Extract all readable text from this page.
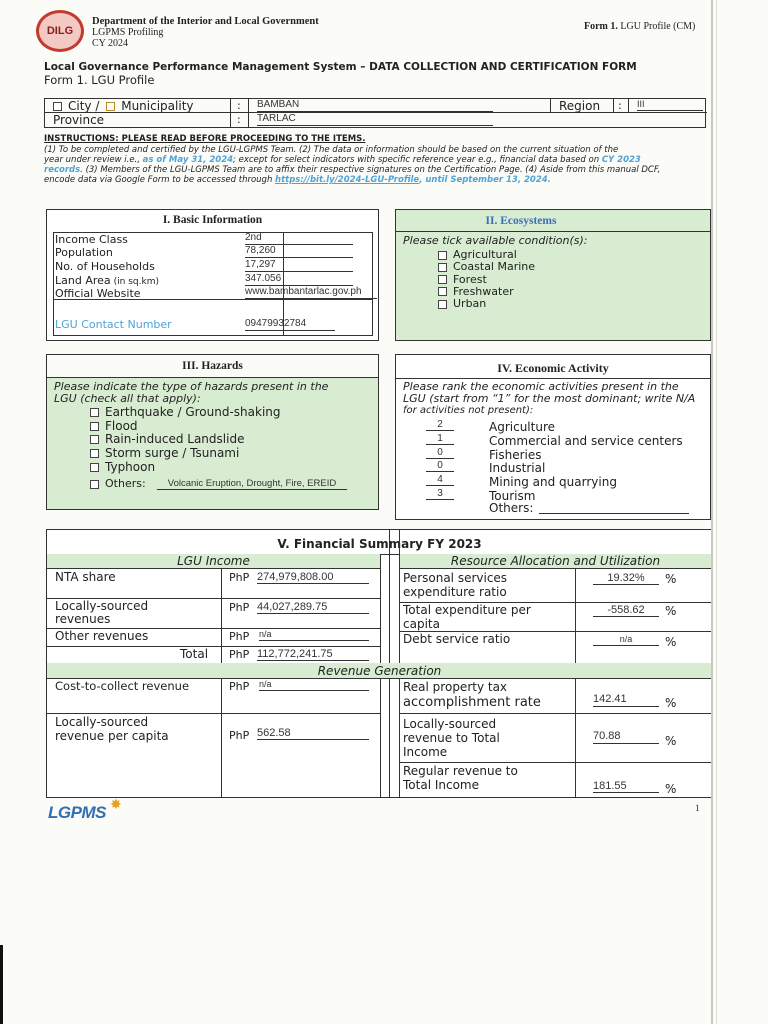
DILG
Department of the Interior and Local Government
LGPMS Profiling
CY 2024
Form 1. LGU Profile (CM)
Local Governance Performance Management System – DATA COLLECTION AND CERTIFICATION FORM
Form 1. LGU Profile
City / Municipality
Province
:
:
BAMBAN
TARLAC
Region : III
INSTRUCTIONS: PLEASE READ BEFORE PROCEEDING TO THE ITEMS.
(1) To be completed and certified by the LGU-LGPMS Team. (2) The data or information should be based on the current situation of the
year under review i.e., as of May 31, 2024; except for select indicators with specific reference year e.g., financial data based on CY 2023
records. (3) Members of the LGU-LGPMS Team are to affix their respective signatures on the Certification Page. (4) Aside from this manual DCF,
encode data via Google Form to be accessed through https://bit.ly/2024-LGU-Profile, until September 13, 2024.
I. Basic Information
Income Class	2nd
Population	78,260
No. of Households	17,297
Land Area (in sq.km)	347.056
Official Website	www.bambantarlac.gov.ph
LGU Contact Number	09479932784
II. Ecosystems
Please tick available condition(s):
Agricultural
Coastal Marine
Forest
Freshwater
Urban
III. Hazards
Please indicate the type of hazards present in the
LGU (check all that apply):
Earthquake / Ground-shaking
Flood
Rain-induced Landslide
Storm surge / Tsunami
Typhoon
Others:	Volcanic Eruption, Drought, Fire, EREID
IV. Economic Activity
Please rank the economic activities present in the
LGU (start from “1” for the most dominant; write N/A
for activities not present):
2	Agriculture
1	Commercial and service centers
0	Fisheries
0	Industrial
4	Mining and quarrying
3	Tourism
Others:
V. Financial Summary FY 2023
LGU Income	Resource Allocation and Utilization
Revenue Generation
NTA share	PhP 274,979,808.00
Locally-sourced
revenues
PhP 44,027,289.75
Other revenues	PhP n/a
Total PhP 112,772,241.75
Cost-to-collect revenue	PhP n/a
Locally-sourced
revenue per capita	PhP 562.58
Personal services
expenditure ratio
19.32%	%
Total expenditure per
capita
-558.62	%
Debt service ratio	n/a	%
Real property tax
accomplishment rate	142.41	%
Locally-sourced
revenue to Total
Income
70.88	%
Regular revenue to
Total Income	181.55	%
✸
LGPMS	1
